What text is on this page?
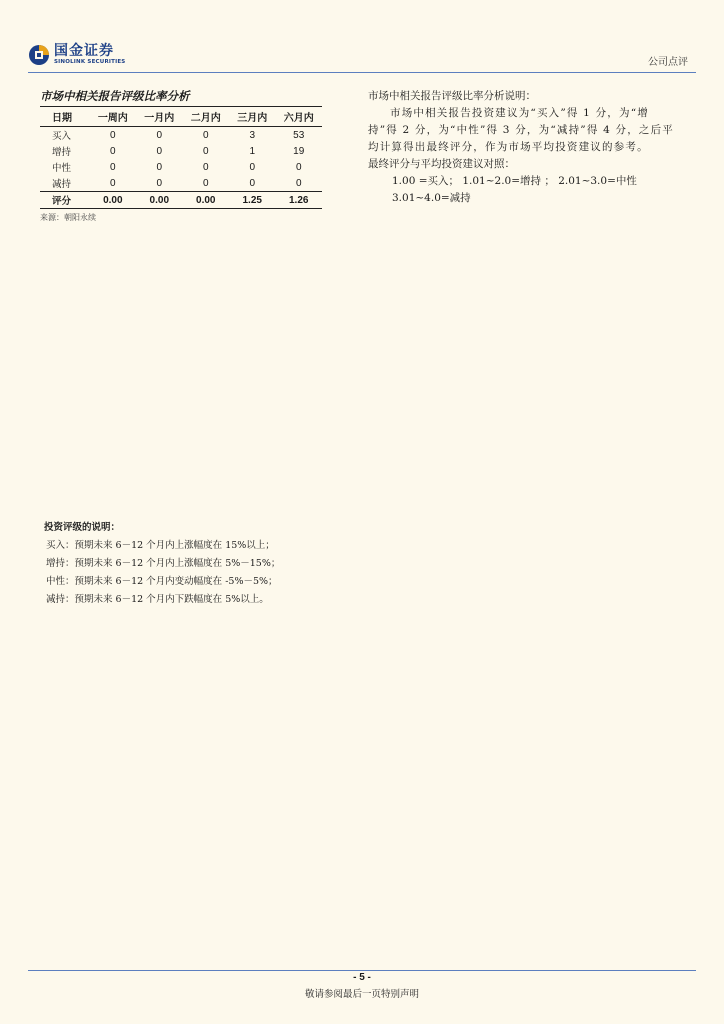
国金证券
SINOLINK SECURITIES	公司点评
市场中相关报告评级比率分析
日期	一周内	一月内	二月内	三月内	六月内
买入	0	0	0	3	53
增持	0	0	0	1	19
中性	0	0	0	0	0
减持	0	0	0	0	0
评分	0.00	0.00	0.00	1.25	1.26
来源：朝阳永续

市场中相关报告评级比率分析说明：

市场中相关报告投资建议为“买入”得 1 分，为“增持”得 2 分，为“中性”得 3 分，为“减持”得 4 分，之后平均计算得出最终评分，作为市场平均投资建议的参考。

最终评分与平均投资建议对照：

1.00 =买入； 1.01~2.0=增持 ； 2.01~3.0=中性

3.01~4.0=减持

投资评级的说明：
买入：预期未来 6－12 个月内上涨幅度在 15%以上；
增持：预期未来 6－12 个月内上涨幅度在 5%－15%；
中性：预期未来 6－12 个月内变动幅度在 -5%－5%；
减持：预期未来 6－12 个月内下跌幅度在 5%以上。
- 5 -
敬请参阅最后一页特别声明
